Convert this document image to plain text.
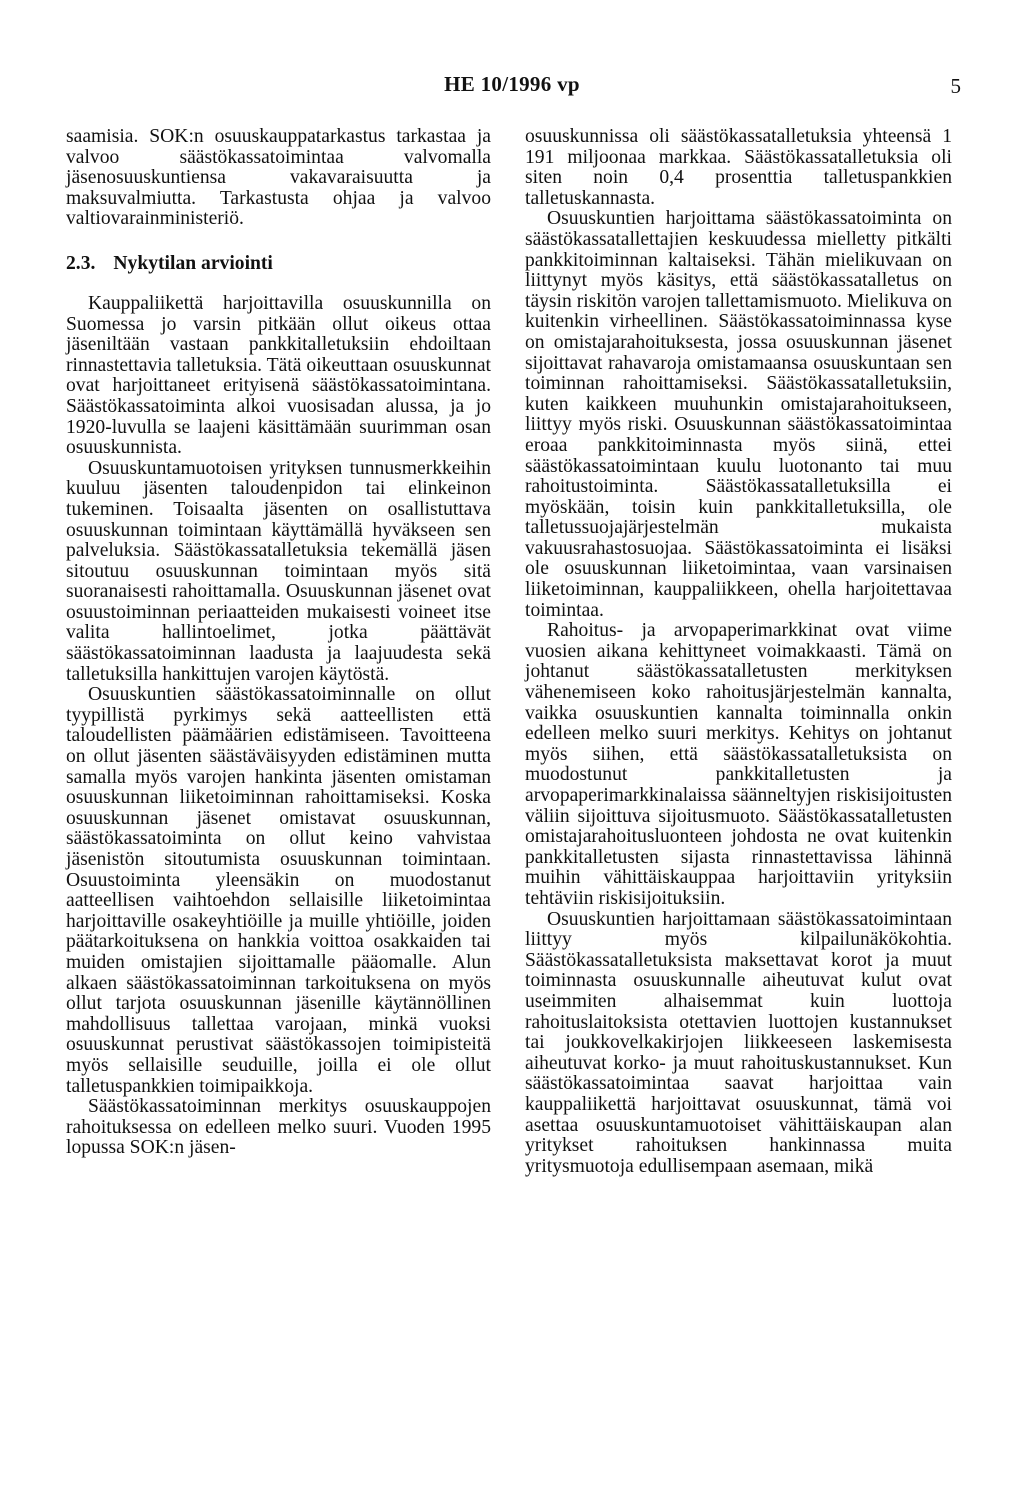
HE 10/1996 vp	5

saamisia. SOK:n osuuskauppatarkastus tarkastaa ja valvoo säästökassatoimintaa valvomalla jäsenosuuskuntiensa vakavaraisuutta ja maksuvalmiutta. Tarkastusta ohjaa ja valvoo valtiovarainministeriö.

2.3. Nykytilan arviointi

Kauppaliikettä harjoittavilla osuuskunnilla on Suomessa jo varsin pitkään ollut oikeus ottaa jäseniltään vastaan pankkitalletuksiin ehdoiltaan rinnastettavia talletuksia. Tätä oikeuttaan osuuskunnat ovat harjoittaneet erityisenä säästökassatoimintana. Säästökassatoiminta alkoi vuosisadan alussa, ja jo 1920-luvulla se laajeni käsittämään suurimman osan osuuskunnista.

Osuuskuntamuotoisen yrityksen tunnusmerkkeihin kuuluu jäsenten taloudenpidon tai elinkeinon tukeminen. Toisaalta jäsenten on osallistuttava osuuskunnan toimintaan käyttämällä hyväkseen sen palveluksia. Säästökassatalletuksia tekemällä jäsen sitoutuu osuuskunnan toimintaan myös sitä suoranaisesti rahoittamalla. Osuuskunnan jäsenet ovat osuustoiminnan periaatteiden mukaisesti voineet itse valita hallintoelimet, jotka päättävät säästökassatoiminnan laadusta ja laajuudesta sekä talletuksilla hankittujen varojen käytöstä.

Osuuskuntien säästökassatoiminnalle on ollut tyypillistä pyrkimys sekä aatteellisten että taloudellisten päämäärien edistämiseen. Tavoitteena on ollut jäsenten säästäväisyyden edistäminen mutta samalla myös varojen hankinta jäsenten omistaman osuuskunnan liiketoiminnan rahoittamiseksi. Koska osuuskunnan jäsenet omistavat osuuskunnan, säästökassatoiminta on ollut keino vahvistaa jäsenistön sitoutumista osuuskunnan toimintaan. Osuustoiminta yleensäkin on muodostanut aatteellisen vaihtoehdon sellaisille liiketoimintaa harjoittaville osakeyhtiöille ja muille yhtiöille, joiden päätarkoituksena on hankkia voittoa osakkaiden tai muiden omistajien sijoittamalle pääomalle. Alun alkaen säästökassatoiminnan tarkoituksena on myös ollut tarjota osuuskunnan jäsenille käytännöllinen mahdollisuus tallettaa varojaan, minkä vuoksi osuuskunnat perustivat säästökassojen toimipisteitä myös sellaisille seuduille, joilla ei ole ollut talletuspankkien toimipaikkoja.

Säästökassatoiminnan merkitys osuuskauppojen rahoituksessa on edelleen melko suuri. Vuoden 1995 lopussa SOK:n jäsen-

osuuskunnissa oli säästökassatalletuksia yhteensä 1 191 miljoonaa markkaa. Säästökassatalletuksia oli siten noin 0,4 prosenttia talletuspankkien talletuskannasta.

Osuuskuntien harjoittama säästökassatoiminta on säästökassatallettajien keskuudessa mielletty pitkälti pankkitoiminnan kaltaiseksi. Tähän mielikuvaan on liittynyt myös käsitys, että säästökassatalletus on täysin riskitön varojen tallettamismuoto. Mielikuva on kuitenkin virheellinen. Säästökassatoiminnassa kyse on omistajarahoituksesta, jossa osuuskunnan jäsenet sijoittavat rahavaroja omistamaansa osuuskuntaan sen toiminnan rahoittamiseksi. Säästökassatalletuksiin, kuten kaikkeen muuhunkin omistajarahoitukseen, liittyy myös riski. Osuuskunnan säästökassatoimintaa eroaa pankkitoiminnasta myös siinä, ettei säästökassatoimintaan kuulu luotonanto tai muu rahoitustoiminta. Säästökassatalletuksilla ei myöskään, toisin kuin pankkitalletuksilla, ole talletussuojajärjestelmän mukaista vakuusrahastosuojaa. Säästökassatoiminta ei lisäksi ole osuuskunnan liiketoimintaa, vaan varsinaisen liiketoiminnan, kauppaliikkeen, ohella harjoitettavaa toimintaa.

Rahoitus- ja arvopaperimarkkinat ovat viime vuosien aikana kehittyneet voimakkaasti. Tämä on johtanut säästökassatalletusten merkityksen vähenemiseen koko rahoitusjärjestelmän kannalta, vaikka osuuskuntien kannalta toiminnalla onkin edelleen melko suuri merkitys. Kehitys on johtanut myös siihen, että säästökassatalletuksista on muodostunut pankkitalletusten ja arvopaperimarkkinalaissa säänneltyjen riskisijoitusten väliin sijoittuva sijoitusmuoto. Säästökassatalletusten omistajarahoitusluonteen johdosta ne ovat kuitenkin pankkitalletusten sijasta rinnastettavissa lähinnä muihin vähittäiskauppaa harjoittaviin yrityksiin tehtäviin riskisijoituksiin.

Osuuskuntien harjoittamaan säästökassatoimintaan liittyy myös kilpailunäkökohtia. Säästökassatalletuksista maksettavat korot ja muut toiminnasta osuuskunnalle aiheutuvat kulut ovat useimmiten alhaisemmat kuin luottoja rahoituslaitoksista otettavien luottojen kustannukset tai joukkovelkakirjojen liikkeeseen laskemisesta aiheutuvat korko- ja muut rahoituskustannukset. Kun säästökassatoimintaa saavat harjoittaa vain kauppaliikettä harjoittavat osuuskunnat, tämä voi asettaa osuuskuntamuotoiset vähittäiskaupan alan yritykset rahoituksen hankinnassa muita yritysmuotoja edullisempaan asemaan, mikä
